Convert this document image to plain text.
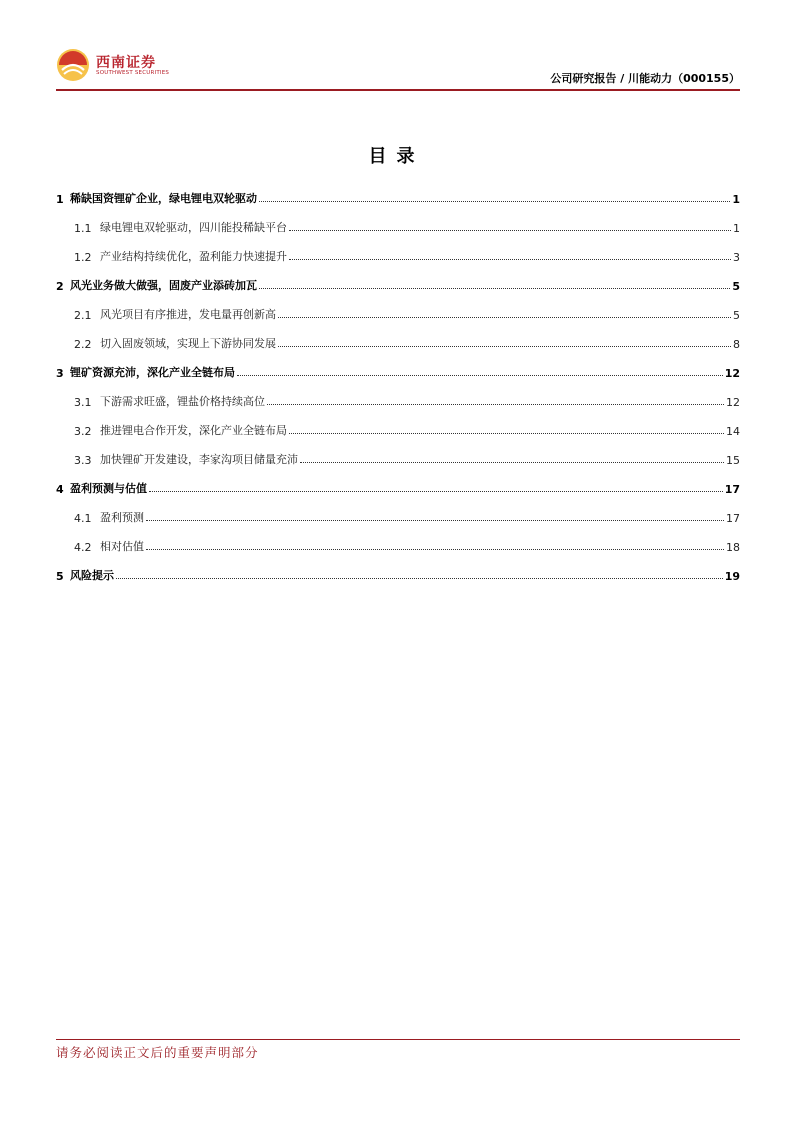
西南证券
SOUTHWEST SECURITIES	公司研究报告 / 川能动力（000155）
目录
1 稀缺国资锂矿企业，绿电锂电双轮驱动	1
1.1 绿电锂电双轮驱动，四川能投稀缺平台	1
1.2 产业结构持续优化，盈利能力快速提升	3
2 风光业务做大做强，固废产业添砖加瓦	5
2.1 风光项目有序推进，发电量再创新高	5
2.2 切入固废领域，实现上下游协同发展	8
3 锂矿资源充沛，深化产业全链布局	12
3.1 下游需求旺盛，锂盐价格持续高位	12
3.2 推进锂电合作开发，深化产业全链布局	14
3.3 加快锂矿开发建设，李家沟项目储量充沛	15
4 盈利预测与估值	17
4.1 盈利预测	17
4.2 相对估值	18
5 风险提示	19
请务必阅读正文后的重要声明部分
